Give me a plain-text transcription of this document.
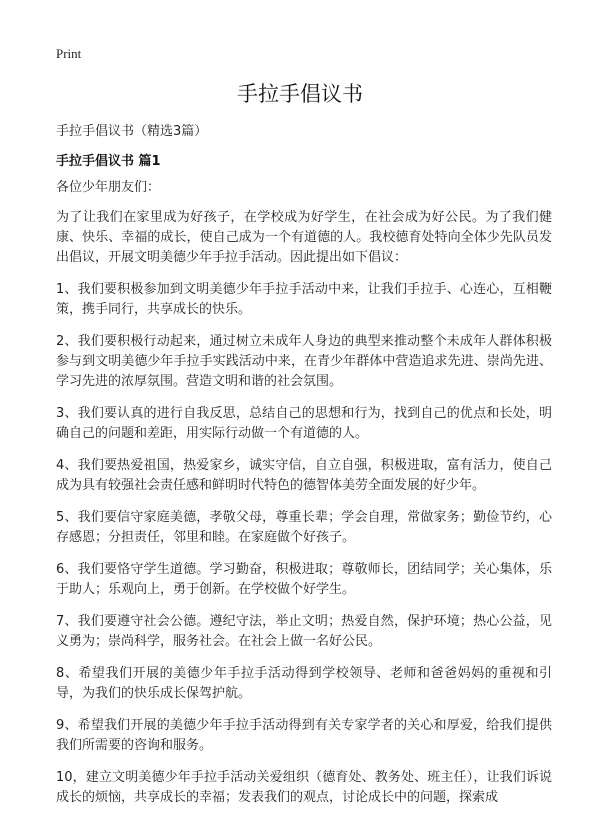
Print
手拉手倡议书
手拉手倡议书（精选3篇）
手拉手倡议书 篇1

各位少年朋友们：

为了让我们在家里成为好孩子，在学校成为好学生，在社会成为好公民。为了我们健康、快乐、幸福的成长，使自己成为一个有道德的人。我校德育处特向全体少先队员发出倡议，开展文明美德少年手拉手活动。因此提出如下倡议：

1、我们要积极参加到文明美德少年手拉手活动中来，让我们手拉手、心连心，互相鞭策，携手同行，共享成长的快乐。

2、我们要积极行动起来，通过树立未成年人身边的典型来推动整个未成年人群体积极参与到文明美德少年手拉手实践活动中来，在青少年群体中营造追求先进、崇尚先进、学习先进的浓厚氛围。营造文明和谐的社会氛围。

3、我们要认真的进行自我反思，总结自己的思想和行为，找到自己的优点和长处，明确自己的问题和差距，用实际行动做一个有道德的人。

4、我们要热爱祖国，热爱家乡，诚实守信，自立自强，积极进取，富有活力，使自己成为具有较强社会责任感和鲜明时代特色的德智体美劳全面发展的好少年。

5、我们要信守家庭美德，孝敬父母，尊重长辈；学会自理，常做家务；勤俭节约，心存感恩；分担责任，邻里和睦。在家庭做个好孩子。

6、我们要恪守学生道德。学习勤奋，积极进取；尊敬师长，团结同学；关心集体，乐于助人；乐观向上，勇于创新。在学校做个好学生。

7、我们要遵守社会公德。遵纪守法，举止文明；热爱自然，保护环境；热心公益，见义勇为；崇尚科学，服务社会。在社会上做一名好公民。

8、希望我们开展的美德少年手拉手活动得到学校领导、老师和爸爸妈妈的重视和引导，为我们的快乐成长保驾护航。

9、希望我们开展的美德少年手拉手活动得到有关专家学者的关心和厚爱，给我们提供我们所需要的咨询和服务。

10，建立文明美德少年手拉手活动关爱组织（德育处、教务处、班主任），让我们诉说成长的烦恼，共享成长的幸福；发表我们的观点，讨论成长中的问题，探索成
